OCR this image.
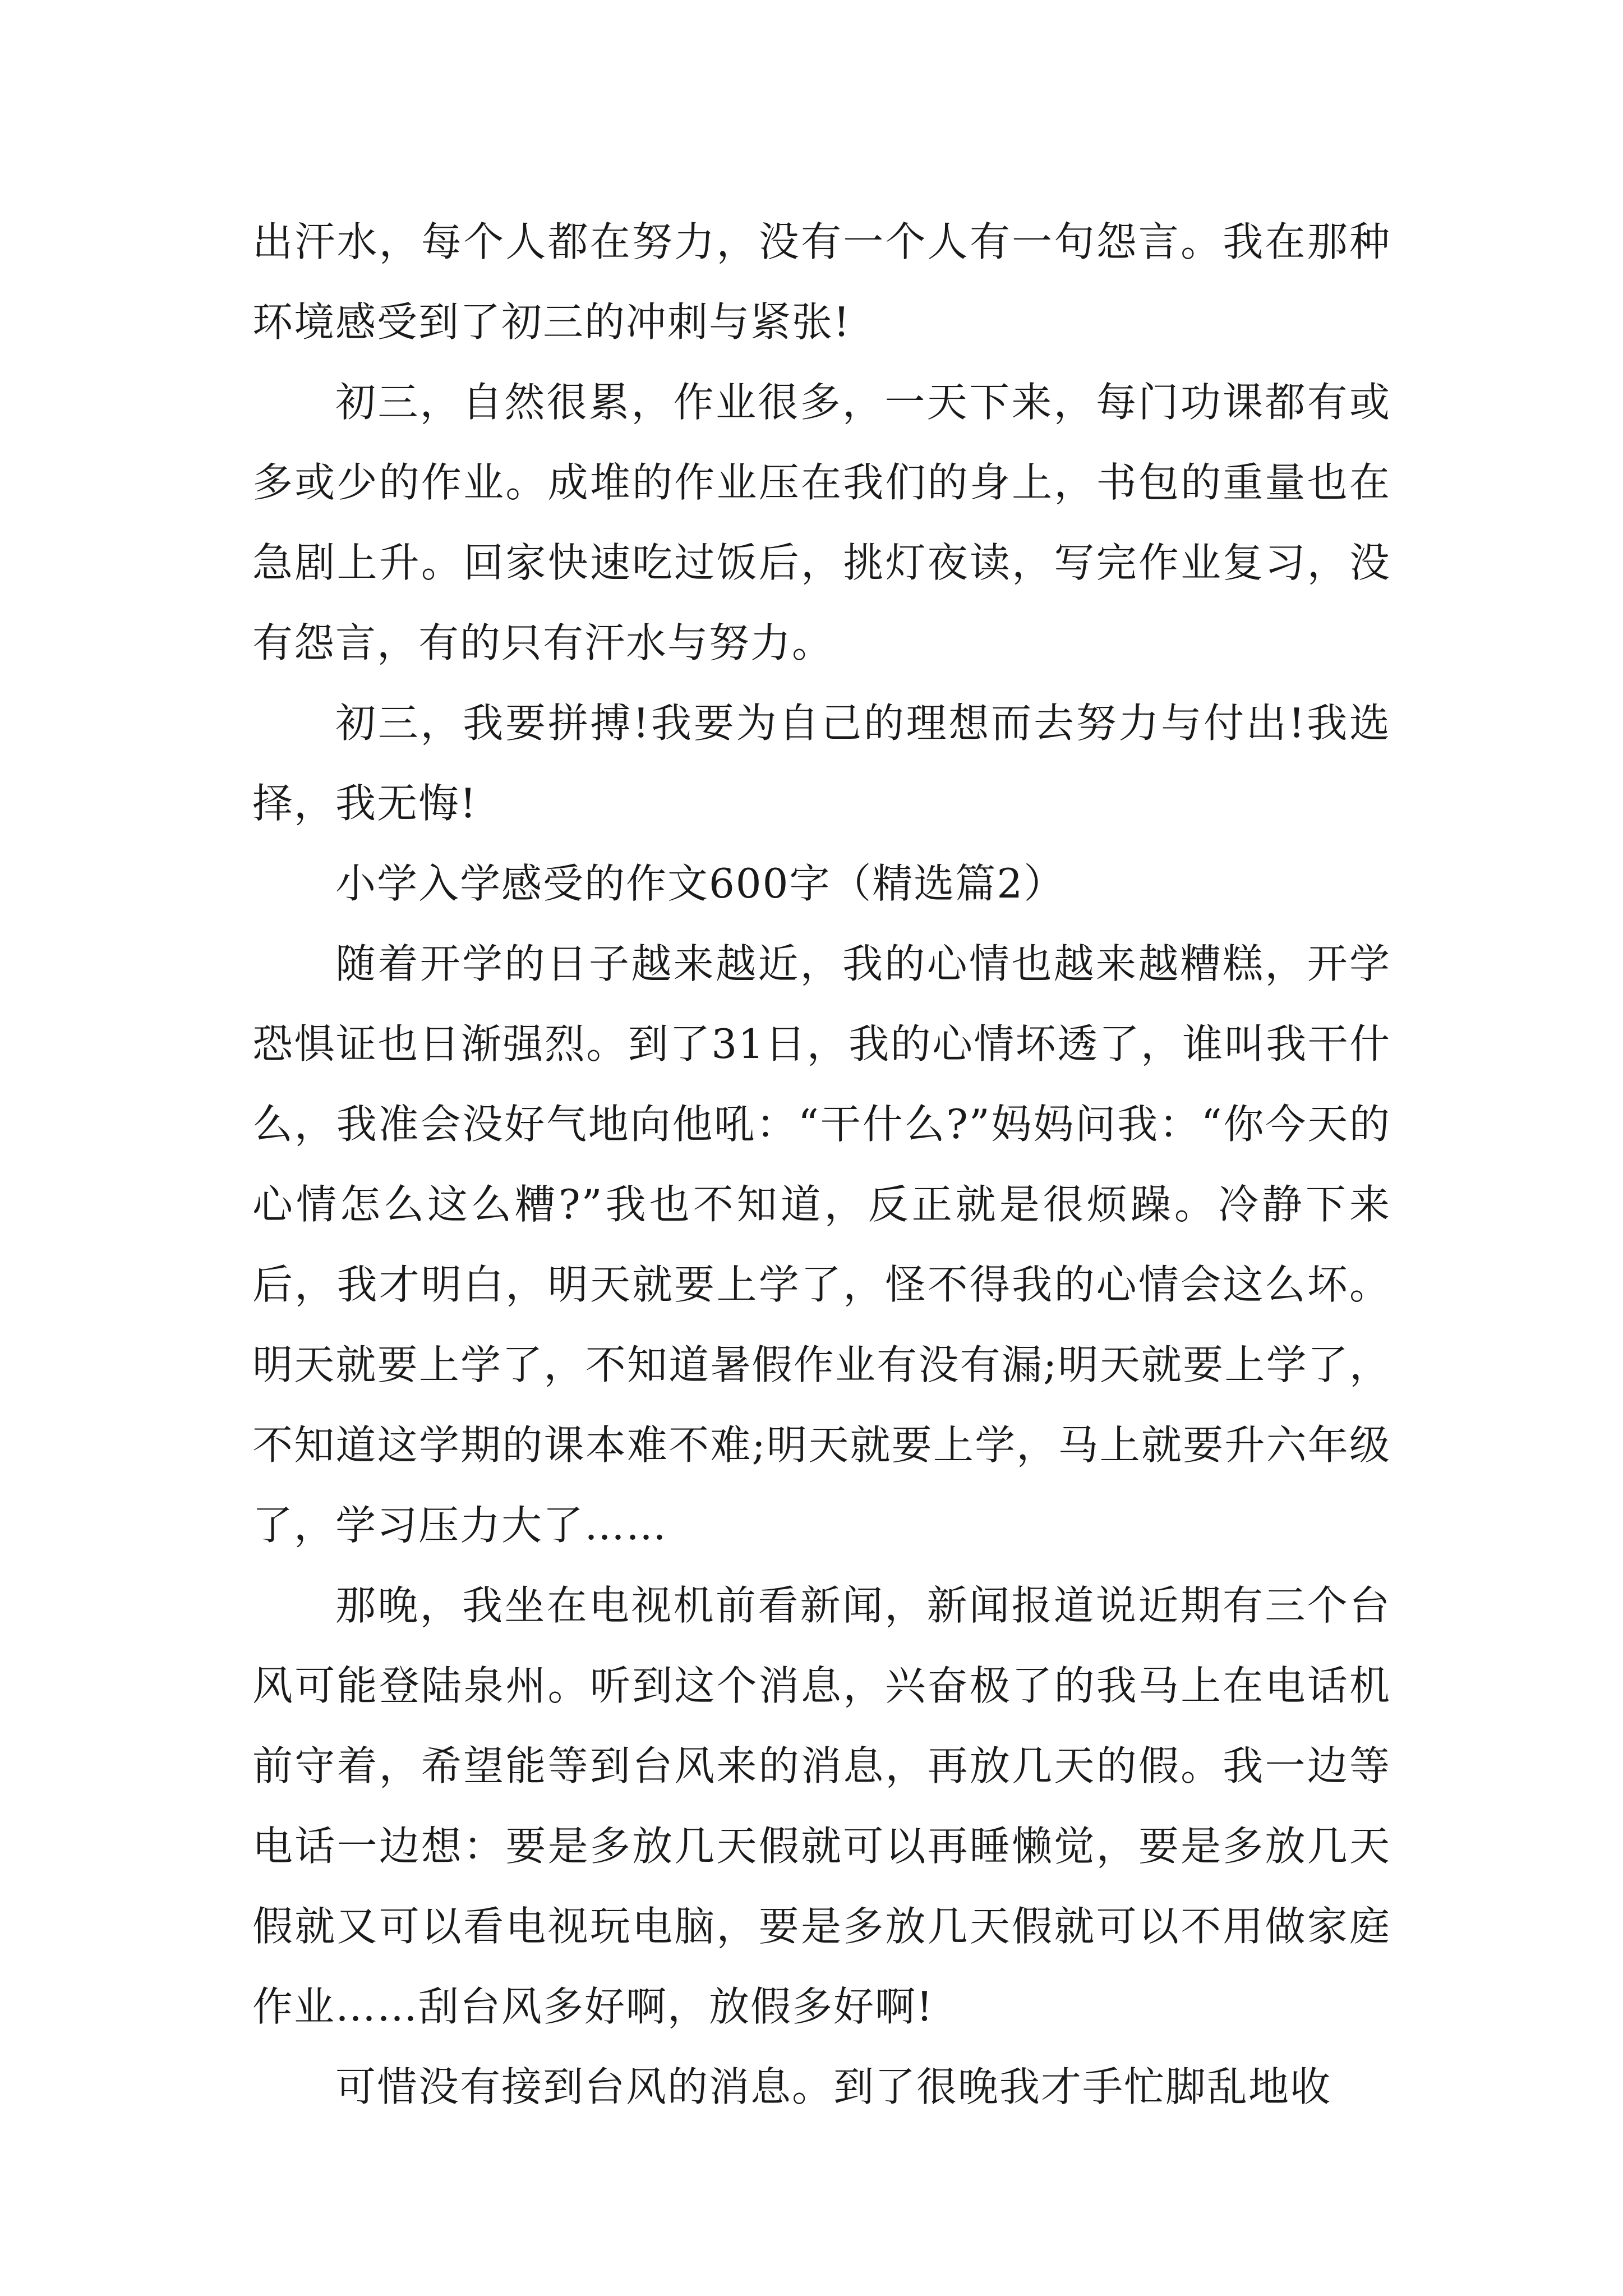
出汗水，每个人都在努力，没有一个人有一句怨言。我在那种环境感受到了初三的冲刺与紧张!

初三，自然很累，作业很多，一天下来，每门功课都有或多或少的作业。成堆的作业压在我们的身上，书包的重量也在急剧上升。回家快速吃过饭后，挑灯夜读，写完作业复习，没有怨言，有的只有汗水与努力。

初三，我要拼搏!我要为自己的理想而去努力与付出!我选择，我无悔!

小学入学感受的作文600字（精选篇2）

随着开学的日子越来越近，我的心情也越来越糟糕，开学恐惧证也日渐强烈。到了31日，我的心情坏透了，谁叫我干什么，我准会没好气地向他吼：“干什么?”妈妈问我：“你今天的心情怎么这么糟?”我也不知道，反正就是很烦躁。冷静下来后，我才明白，明天就要上学了，怪不得我的心情会这么坏。明天就要上学了，不知道暑假作业有没有漏;明天就要上学了，不知道这学期的课本难不难;明天就要上学，马上就要升六年级了，学习压力大了……

那晚，我坐在电视机前看新闻，新闻报道说近期有三个台风可能登陆泉州。听到这个消息，兴奋极了的我马上在电话机前守着，希望能等到台风来的消息，再放几天的假。我一边等电话一边想：要是多放几天假就可以再睡懒觉，要是多放几天假就又可以看电视玩电脑，要是多放几天假就可以不用做家庭作业……刮台风多好啊，放假多好啊!

可惜没有接到台风的消息。到了很晚我才手忙脚乱地收
